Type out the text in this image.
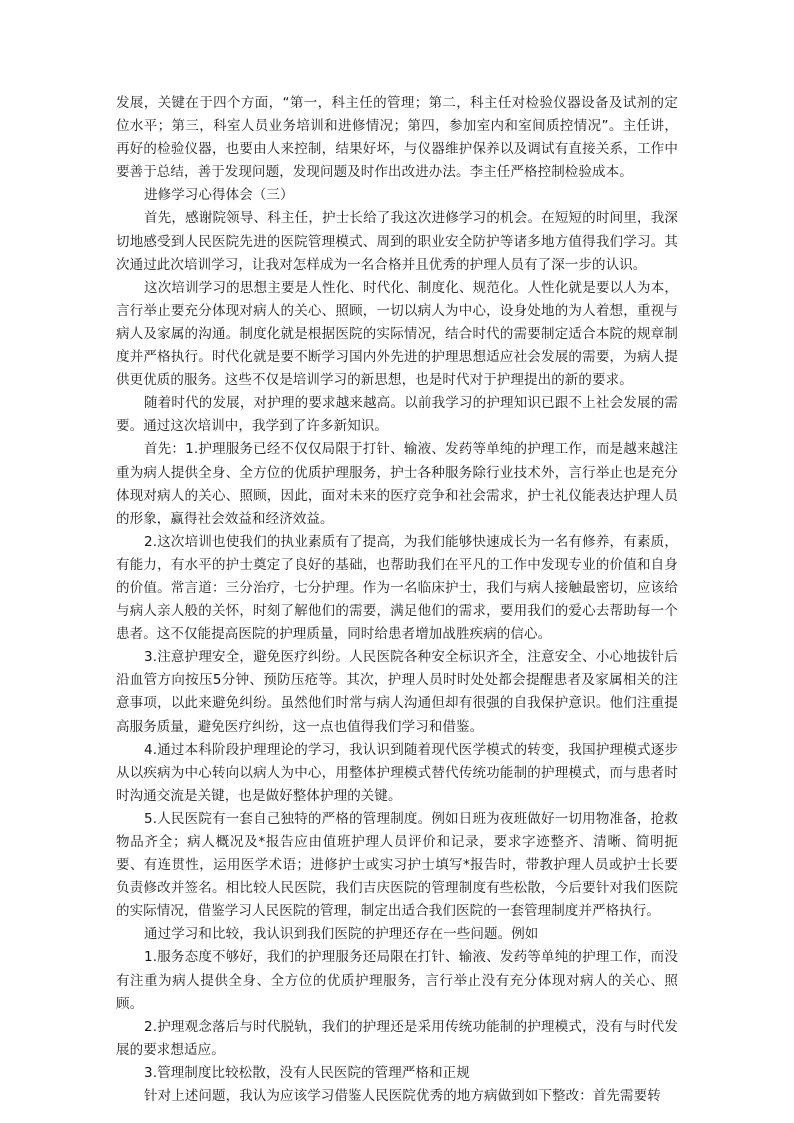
发展，关键在于四个方面，“第一，科主任的管理；第二，科主任对检验仪器设备及试剂的定位水平；第三，科室人员业务培训和进修情况；第四，参加室内和室间质控情况”。主任讲，再好的检验仪器，也要由人来控制，结果好坏，与仪器维护保养以及调试有直接关系，工作中要善于总结，善于发现问题，发现问题及时作出改进办法。李主任严格控制检验成本。

进修学习心得体会（三）

首先，感谢院领导、科主任，护士长给了我这次进修学习的机会。在短短的时间里，我深切地感受到人民医院先进的医院管理模式、周到的职业安全防护等诸多地方值得我们学习。其次通过此次培训学习，让我对怎样成为一名合格并且优秀的护理人员有了深一步的认识。

这次培训学习的思想主要是人性化、时代化、制度化、规范化。人性化就是要以人为本，言行举止要充分体现对病人的关心、照顾，一切以病人为中心，设身处地的为人着想，重视与病人及家属的沟通。制度化就是根据医院的实际情况，结合时代的需要制定适合本院的规章制度并严格执行。时代化就是要不断学习国内外先进的护理思想适应社会发展的需要，为病人提供更优质的服务。这些不仅是培训学习的新思想，也是时代对于护理提出的新的要求。

随着时代的发展，对护理的要求越来越高。以前我学习的护理知识已跟不上社会发展的需要。通过这次培训中，我学到了许多新知识。

首先：1.护理服务已经不仅仅局限于打针、输液、发药等单纯的护理工作，而是越来越注重为病人提供全身、全方位的优质护理服务，护士各种服务除行业技术外，言行举止也是充分体现对病人的关心、照顾，因此，面对未来的医疗竞争和社会需求，护士礼仪能表达护理人员的形象，赢得社会效益和经济效益。

2.这次培训也使我们的执业素质有了提高，为我们能够快速成长为一名有修养，有素质，有能力，有水平的护士奠定了良好的基础，也帮助我们在平凡的工作中发现专业的价值和自身的价值。常言道：三分治疗，七分护理。作为一名临床护士，我们与病人接触最密切，应该给与病人亲人般的关怀，时刻了解他们的需要，满足他们的需求，要用我们的爱心去帮助每一个患者。这不仅能提高医院的护理质量，同时给患者增加战胜疾病的信心。

3.注意护理安全，避免医疗纠纷。人民医院各种安全标识齐全，注意安全、小心地拔针后沿血管方向按压5分钟、预防压疮等。其次，护理人员时时处处都会提醒患者及家属相关的注意事项，以此来避免纠纷。虽然他们时常与病人沟通但却有很强的自我保护意识。他们注重提高服务质量，避免医疗纠纷，这一点也值得我们学习和借鉴。

4.通过本科阶段护理理论的学习，我认识到随着现代医学模式的转变，我国护理模式逐步从以疾病为中心转向以病人为中心，用整体护理模式替代传统功能制的护理模式，而与患者时时沟通交流是关键，也是做好整体护理的关键。

5.人民医院有一套自己独特的严格的管理制度。例如日班为夜班做好一切用物准备，抢救物品齐全；病人概况及*报告应由值班护理人员评价和记录，要求字迹整齐、清晰、简明扼要、有连贯性，运用医学术语；进修护士或实习护士填写*报告时，带教护理人员或护士长要负责修改并签名。相比较人民医院，我们吉庆医院的管理制度有些松散，今后要针对我们医院的实际情况，借鉴学习人民医院的管理，制定出适合我们医院的一套管理制度并严格执行。

通过学习和比较，我认识到我们医院的护理还存在一些问题。例如

1.服务态度不够好，我们的护理服务还局限在打针、输液、发药等单纯的护理工作，而没有注重为病人提供全身、全方位的优质护理服务，言行举止没有充分体现对病人的关心、照顾。

2.护理观念落后与时代脱轨，我们的护理还是采用传统功能制的护理模式，没有与时代发展的要求想适应。

3.管理制度比较松散，没有人民医院的管理严格和正规

针对上述问题，我认为应该学习借鉴人民医院优秀的地方病做到如下整改：首先需要转
